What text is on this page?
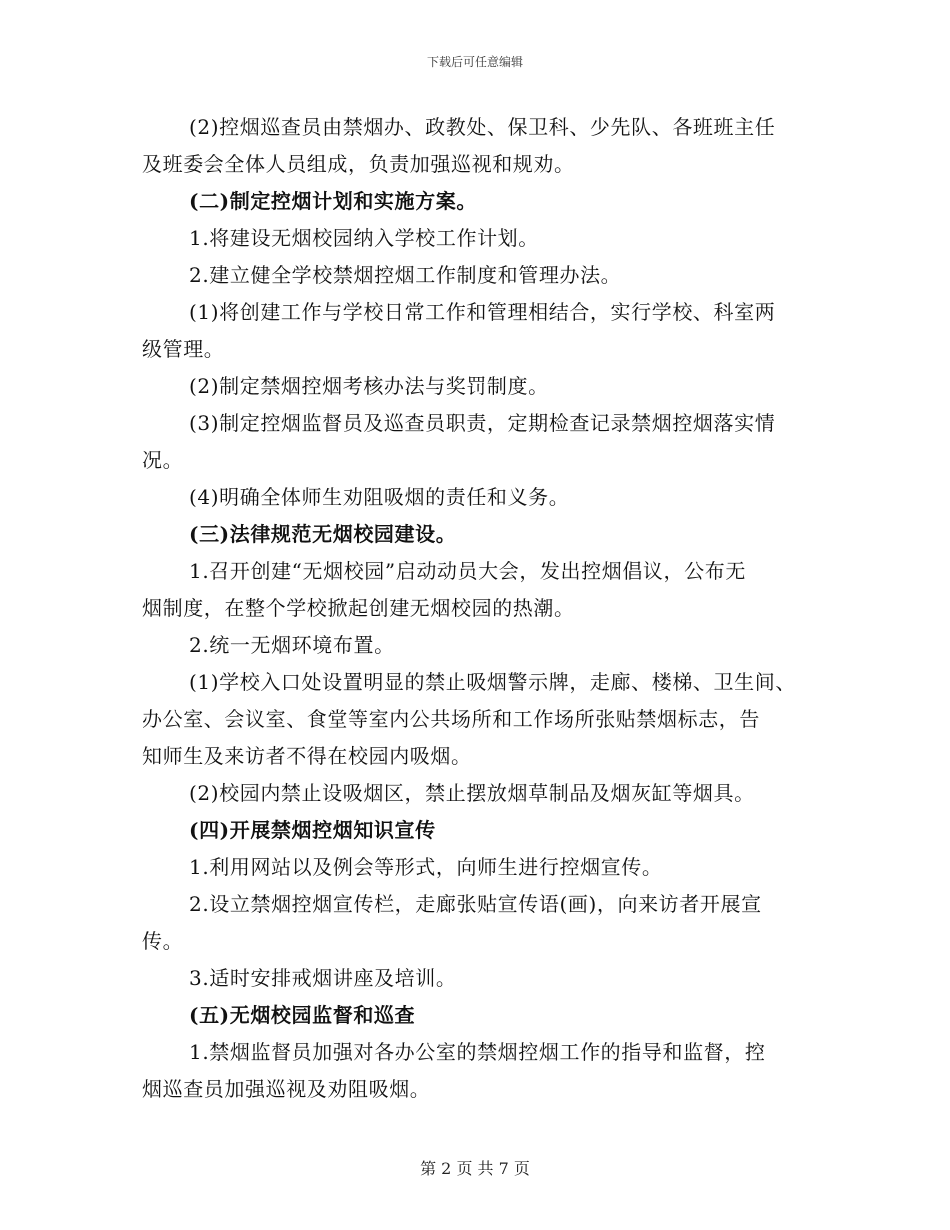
下载后可任意编辑
(2)控烟巡查员由禁烟办、政教处、保卫科、少先队、各班班主任
及班委会全体人员组成，负责加强巡视和规劝。
(二)制定控烟计划和实施方案。
1.将建设无烟校园纳入学校工作计划。
2.建立健全学校禁烟控烟工作制度和管理办法。
(1)将创建工作与学校日常工作和管理相结合，实行学校、科室两
级管理。
(2)制定禁烟控烟考核办法与奖罚制度。
(3)制定控烟监督员及巡查员职责，定期检查记录禁烟控烟落实情
况。
(4)明确全体师生劝阻吸烟的责任和义务。
(三)法律规范无烟校园建设。
1.召开创建“无烟校园”启动动员大会，发出控烟倡议，公布无
烟制度，在整个学校掀起创建无烟校园的热潮。
2.统一无烟环境布置。
(1)学校入口处设置明显的禁止吸烟警示牌，走廊、楼梯、卫生间、
办公室、会议室、食堂等室内公共场所和工作场所张贴禁烟标志，告
知师生及来访者不得在校园内吸烟。
(2)校园内禁止设吸烟区，禁止摆放烟草制品及烟灰缸等烟具。
(四)开展禁烟控烟知识宣传
1.利用网站以及例会等形式，向师生进行控烟宣传。
2.设立禁烟控烟宣传栏，走廊张贴宣传语(画)，向来访者开展宣
传。
3.适时安排戒烟讲座及培训。
(五)无烟校园监督和巡查
1.禁烟监督员加强对各办公室的禁烟控烟工作的指导和监督，控
烟巡查员加强巡视及劝阻吸烟。
第 2 页 共 7 页
